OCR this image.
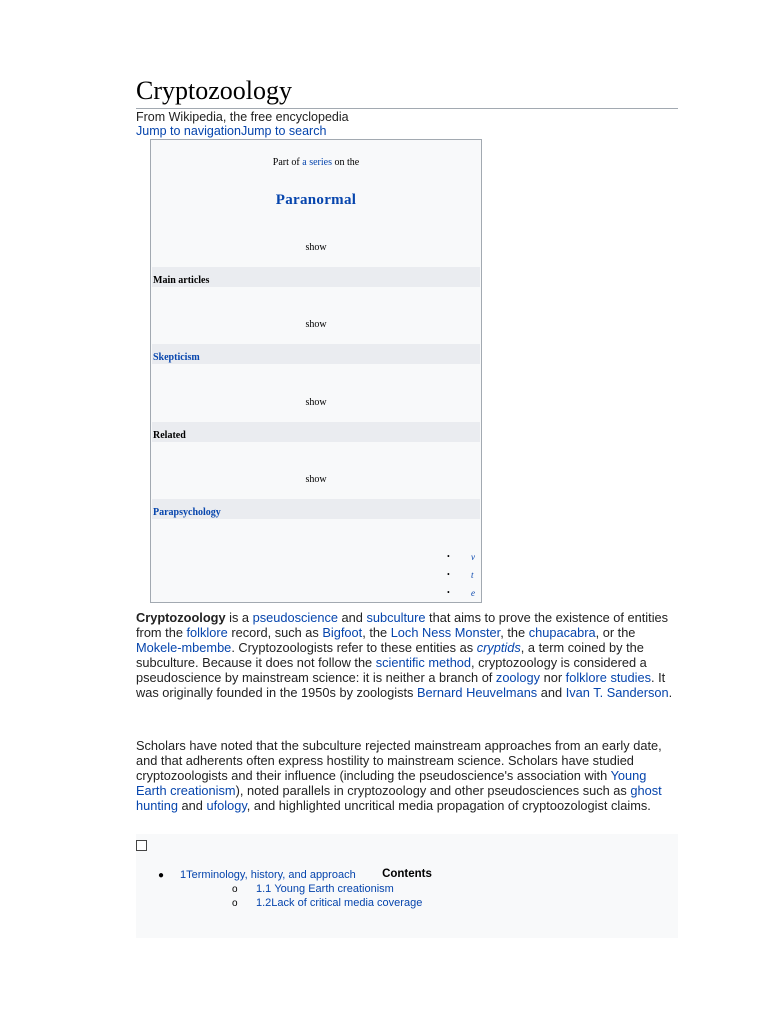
Cryptozoology
From Wikipedia, the free encyclopedia
Jump to navigationJump to search
Part of a series on the
Paranormal
show
Main articles
show
Skepticism
show
Related
show
Parapsychology
• v
• t
• e
Cryptozoology is a pseudoscience and subculture that aims to prove the existence of entities from the folklore record, such as Bigfoot, the Loch Ness Monster, the chupacabra, or the Mokele-mbembe. Cryptozoologists refer to these entities as cryptids, a term coined by the subculture. Because it does not follow the scientific method, cryptozoology is considered a pseudoscience by mainstream science: it is neither a branch of zoology nor folklore studies. It was originally founded in the 1950s by zoologists Bernard Heuvelmans and Ivan T. Sanderson.
Scholars have noted that the subculture rejected mainstream approaches from an early date, and that adherents often express hostility to mainstream science. Scholars have studied cryptozoologists and their influence (including the pseudoscience's association with Young Earth creationism), noted parallels in cryptozoology and other pseudosciences such as ghost hunting and ufology, and highlighted uncritical media propagation of cryptoozologist claims.
Contents
● 1Terminology, history, and approach
o 1.1 Young Earth creationism
o 1.2Lack of critical media coverage
